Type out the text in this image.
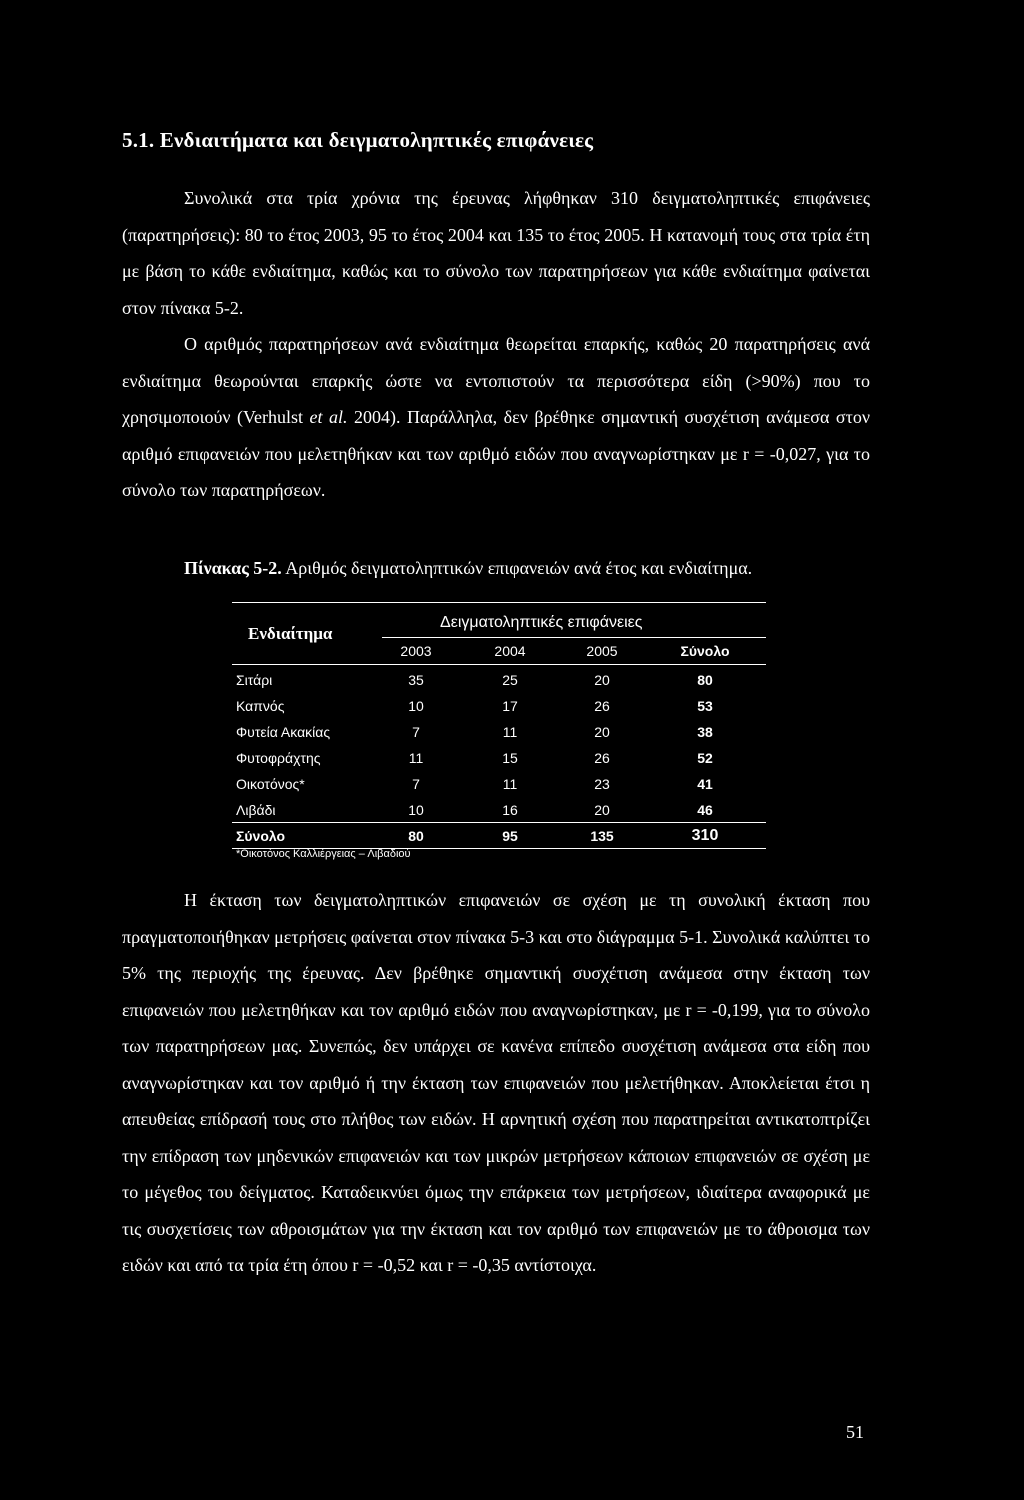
5.1. Ενδιαιτήματα και δειγματοληπτικές επιφάνειες

Συνολικά στα τρία χρόνια της έρευνας λήφθηκαν 310 δειγματοληπτικές επιφάνειες (παρατηρήσεις): 80 το έτος 2003, 95 το έτος 2004 και 135 το έτος 2005. Η κατανομή τους στα τρία έτη με βάση το κάθε ενδιαίτημα, καθώς και το σύνολο των παρατηρήσεων για κάθε ενδιαίτημα φαίνεται στον πίνακα 5-2.

Ο αριθμός παρατηρήσεων ανά ενδιαίτημα θεωρείται επαρκής, καθώς 20 παρατηρήσεις ανά ενδιαίτημα θεωρούνται επαρκής ώστε να εντοπιστούν τα περισσότερα είδη (>90%) που το χρησιμοποιούν (Verhulst et al. 2004). Παράλληλα, δεν βρέθηκε σημαντική συσχέτιση ανάμεσα στον αριθμό επιφανειών που μελετηθήκαν και των αριθμό ειδών που αναγνωρίστηκαν με r = -0,027, για το σύνολο των παρατηρήσεων.

Πίνακας 5-2. Αριθμός δειγματοληπτικών επιφανειών ανά έτος και ενδιαίτημα.

Ενδιαίτημα
Δειγματοληπτικές επιφάνειες
2003	2004	2005	Σύνολο
Σιτάρι	35	25	20	80
Καπνός	10	17	26	53
Φυτεία Ακακίας	7	11	20	38
Φυτοφράχτης	11	15	26	52
Οικοτόνος*	7	11	23	41
Λιβάδι	10	16	20	46
Σύνολο	80	95	135	310
*Οικοτόνος Καλλιέργειας – Λιβαδιού

Η έκταση των δειγματοληπτικών επιφανειών σε σχέση με τη συνολική έκταση που πραγματοποιήθηκαν μετρήσεις φαίνεται στον πίνακα 5-3 και στο διάγραμμα 5-1. Συνολικά καλύπτει το 5% της περιοχής της έρευνας. Δεν βρέθηκε σημαντική συσχέτιση ανάμεσα στην έκταση των επιφανειών που μελετηθήκαν και τον αριθμό ειδών που αναγνωρίστηκαν, με r = -0,199, για το σύνολο των παρατηρήσεων μας. Συνεπώς, δεν υπάρχει σε κανένα επίπεδο συσχέτιση ανάμεσα στα είδη που αναγνωρίστηκαν και τον αριθμό ή την έκταση των επιφανειών που μελετήθηκαν. Αποκλείεται έτσι η απευθείας επίδρασή τους στο πλήθος των ειδών. Η αρνητική σχέση που παρατηρείται αντικατοπτρίζει την επίδραση των μηδενικών επιφανειών και των μικρών μετρήσεων κάποιων επιφανειών σε σχέση με το μέγεθος του δείγματος. Καταδεικνύει όμως την επάρκεια των μετρήσεων, ιδιαίτερα αναφορικά με τις συσχετίσεις των αθροισμάτων για την έκταση και τον αριθμό των επιφανειών με το άθροισμα των ειδών και από τα τρία έτη όπου r = -0,52 και r = -0,35 αντίστοιχα.

51
